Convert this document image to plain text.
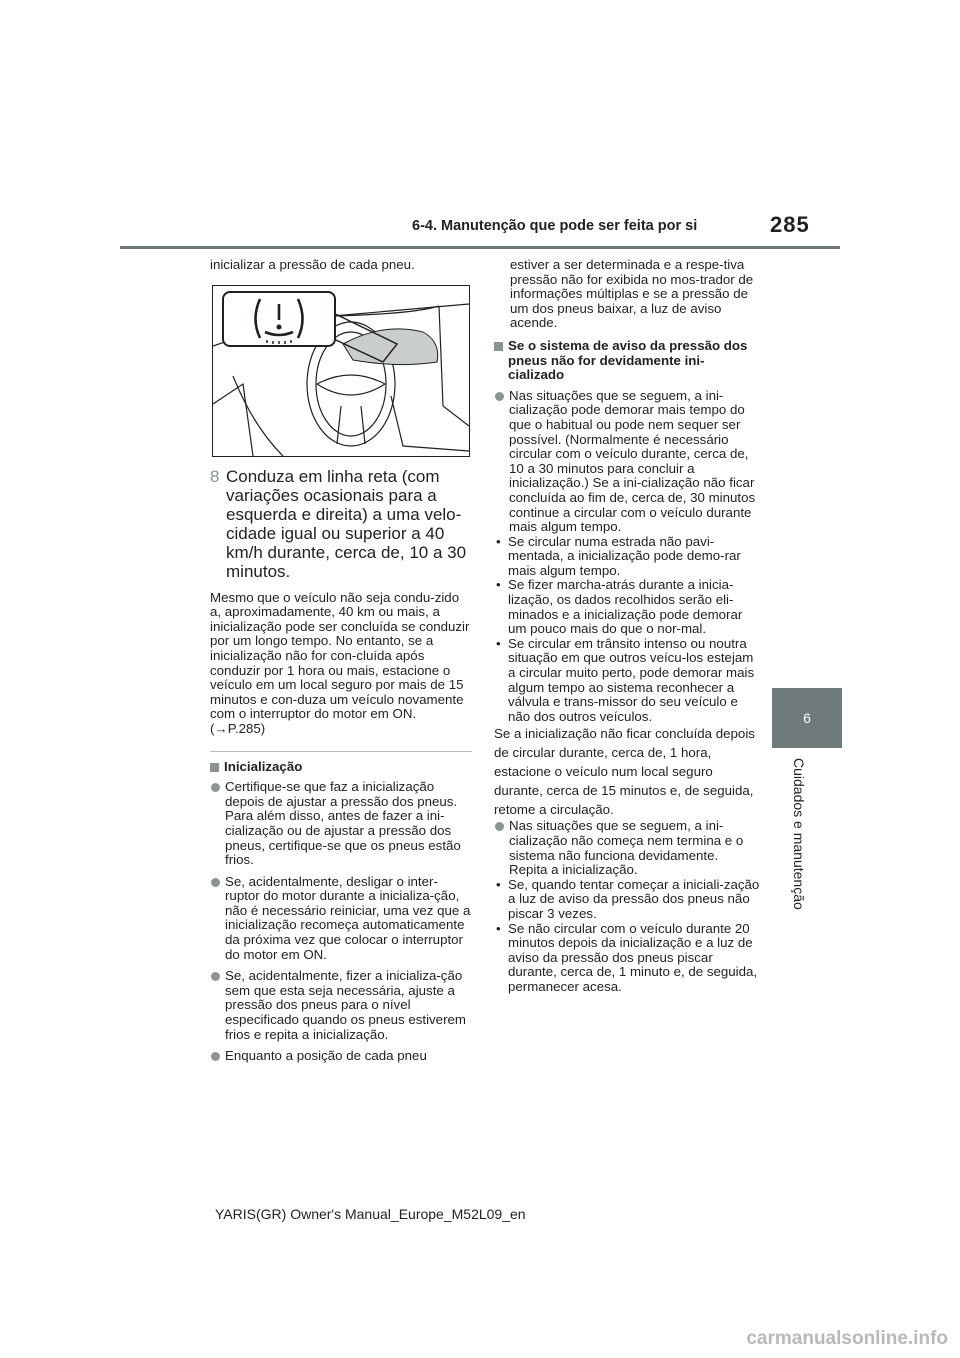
6-4. Manutenção que pode ser feita por si	285
6
Cuidados e manutenção

inicializar a pressão de cada pneu.

8 Conduza em linha reta (com variações ocasionais para a esquerda e direita) a uma velo-cidade igual ou superior a 40 km/h durante, cerca de, 10 a 30 minutos.

Mesmo que o veículo não seja condu-zido a, aproximadamente, 40 km ou mais, a inicialização pode ser concluída se conduzir por um longo tempo. No entanto, se a inicialização não for con-cluída após conduzir por 1 hora ou mais, estacione o veículo em um local seguro por mais de 15 minutos e con-duza um veículo novamente com o interruptor do motor em ON. (→P.285)

Inicialização

Certifique-se que faz a inicialização depois de ajustar a pressão dos pneus.

Para além disso, antes de fazer a ini-cialização ou de ajustar a pressão dos pneus, certifique-se que os pneus estão frios.

Se, acidentalmente, desligar o inter-ruptor do motor durante a inicializa-ção, não é necessário reiniciar, uma vez que a inicialização recomeça automaticamente da próxima vez que colocar o interruptor do motor em ON.

Se, acidentalmente, fizer a inicializa-ção sem que esta seja necessária, ajuste a pressão dos pneus para o nível especificado quando os pneus estiverem frios e repita a inicialização.

Enquanto a posição de cada pneu

estiver a ser determinada e a respe-tiva pressão não for exibida no mos-trador de informações múltiplas e se a pressão de um dos pneus baixar, a luz de aviso acende.

Se o sistema de aviso da pressão dos pneus não for devidamente ini-cializado

Nas situações que se seguem, a ini-cialização pode demorar mais tempo do que o habitual ou pode nem sequer ser possível. (Normalmente é necessário circular com o veículo durante, cerca de, 10 a 30 minutos para concluir a inicialização.) Se a ini-cialização não ficar concluída ao fim de, cerca de, 30 minutos continue a circular com o veículo durante mais algum tempo.

• Se circular numa estrada não pavi-mentada, a inicialização pode demo-rar mais algum tempo.

• Se fizer marcha-atrás durante a inicia-lização, os dados recolhidos serão eli-minados e a inicialização pode demorar um pouco mais do que o nor-mal.

• Se circular em trânsito intenso ou noutra situação em que outros veícu-los estejam a circular muito perto, pode demorar mais algum tempo ao sistema reconhecer a válvula e trans-missor do seu veículo e não dos outros veículos.

Se a inicialização não ficar concluída depois de circular durante, cerca de, 1 hora, estacione o veículo num local seguro durante, cerca de 15 minutos e, de seguida, retome a circulação.

Nas situações que se seguem, a ini-cialização não começa nem termina e o sistema não funciona devidamente. Repita a inicialização.

• Se, quando tentar começar a iniciali-zação a luz de aviso da pressão dos pneus não piscar 3 vezes.

• Se não circular com o veículo durante 20 minutos depois da inicialização e a luz de aviso da pressão dos pneus piscar durante, cerca de, 1 minuto e, de seguida, permanecer acesa.

YARIS(GR) Owner's Manual_Europe_M52L09_en
carmanualsonline.info
